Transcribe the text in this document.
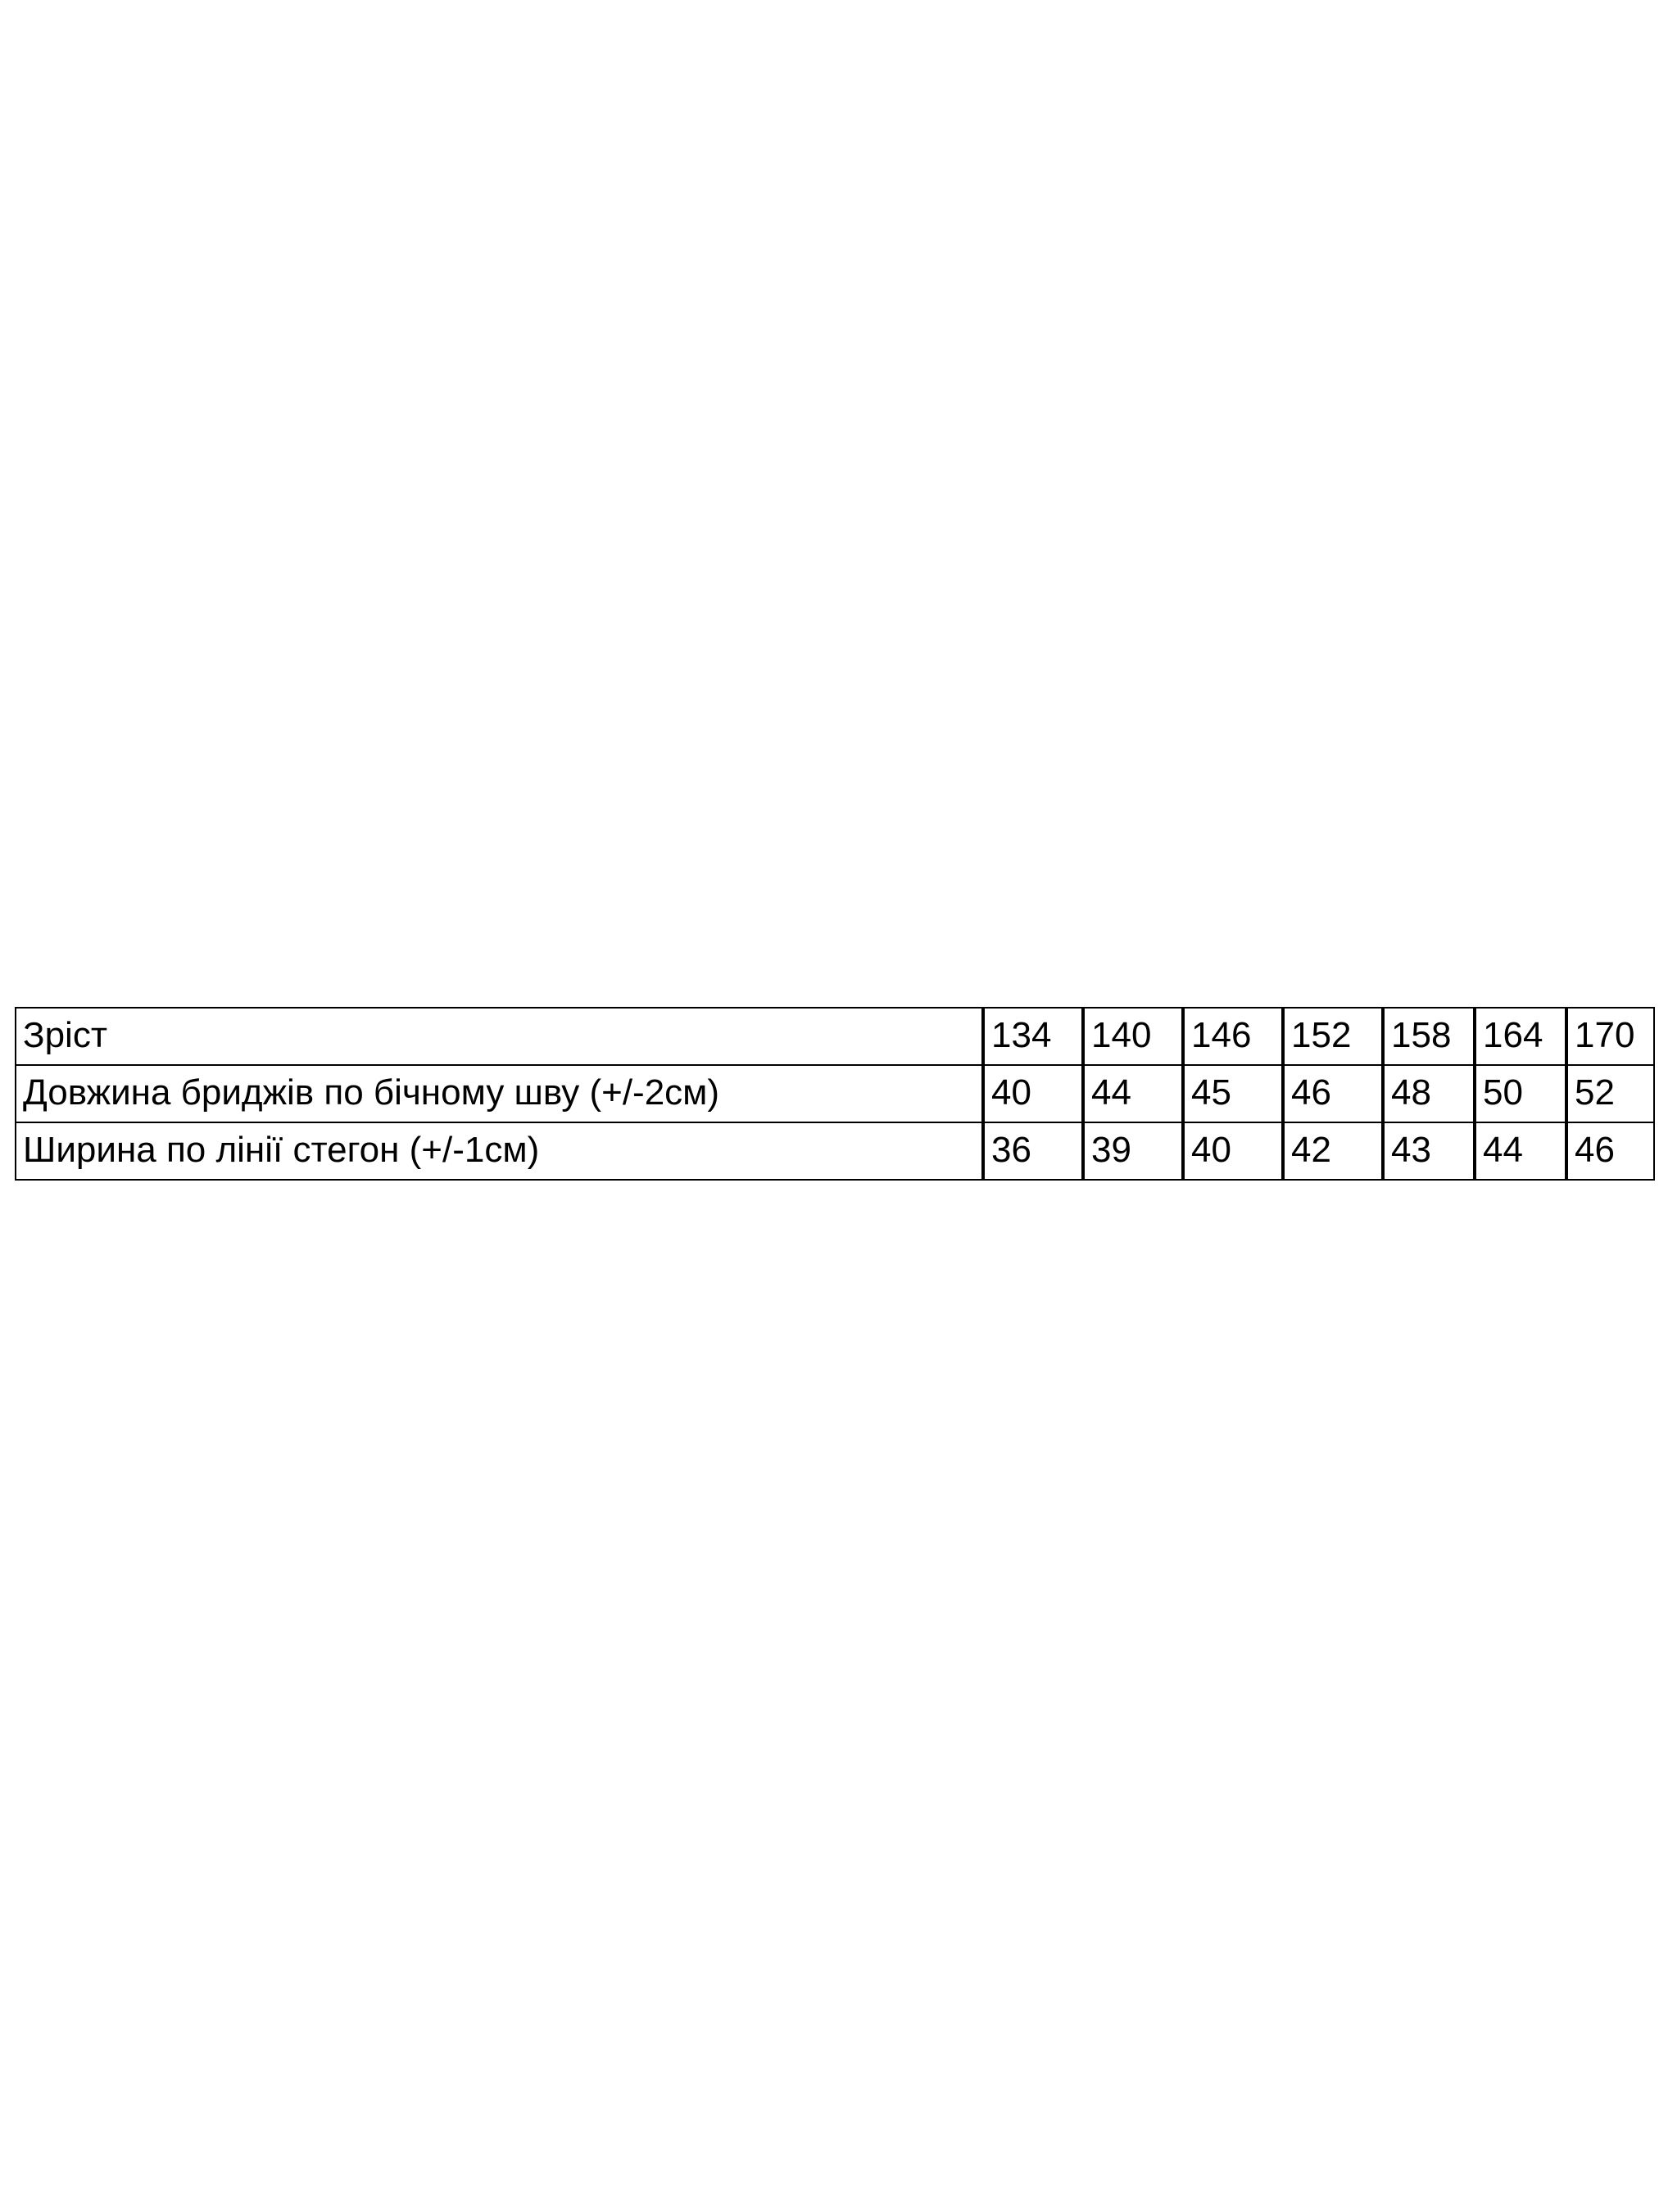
Зріст	134	140	146	152	158	164	170
Довжина бриджів по бічному шву (+/-2см)	40	44	45	46	48	50	52
Ширина по лінії стегон (+/-1см)	36	39	40	42	43	44	46
